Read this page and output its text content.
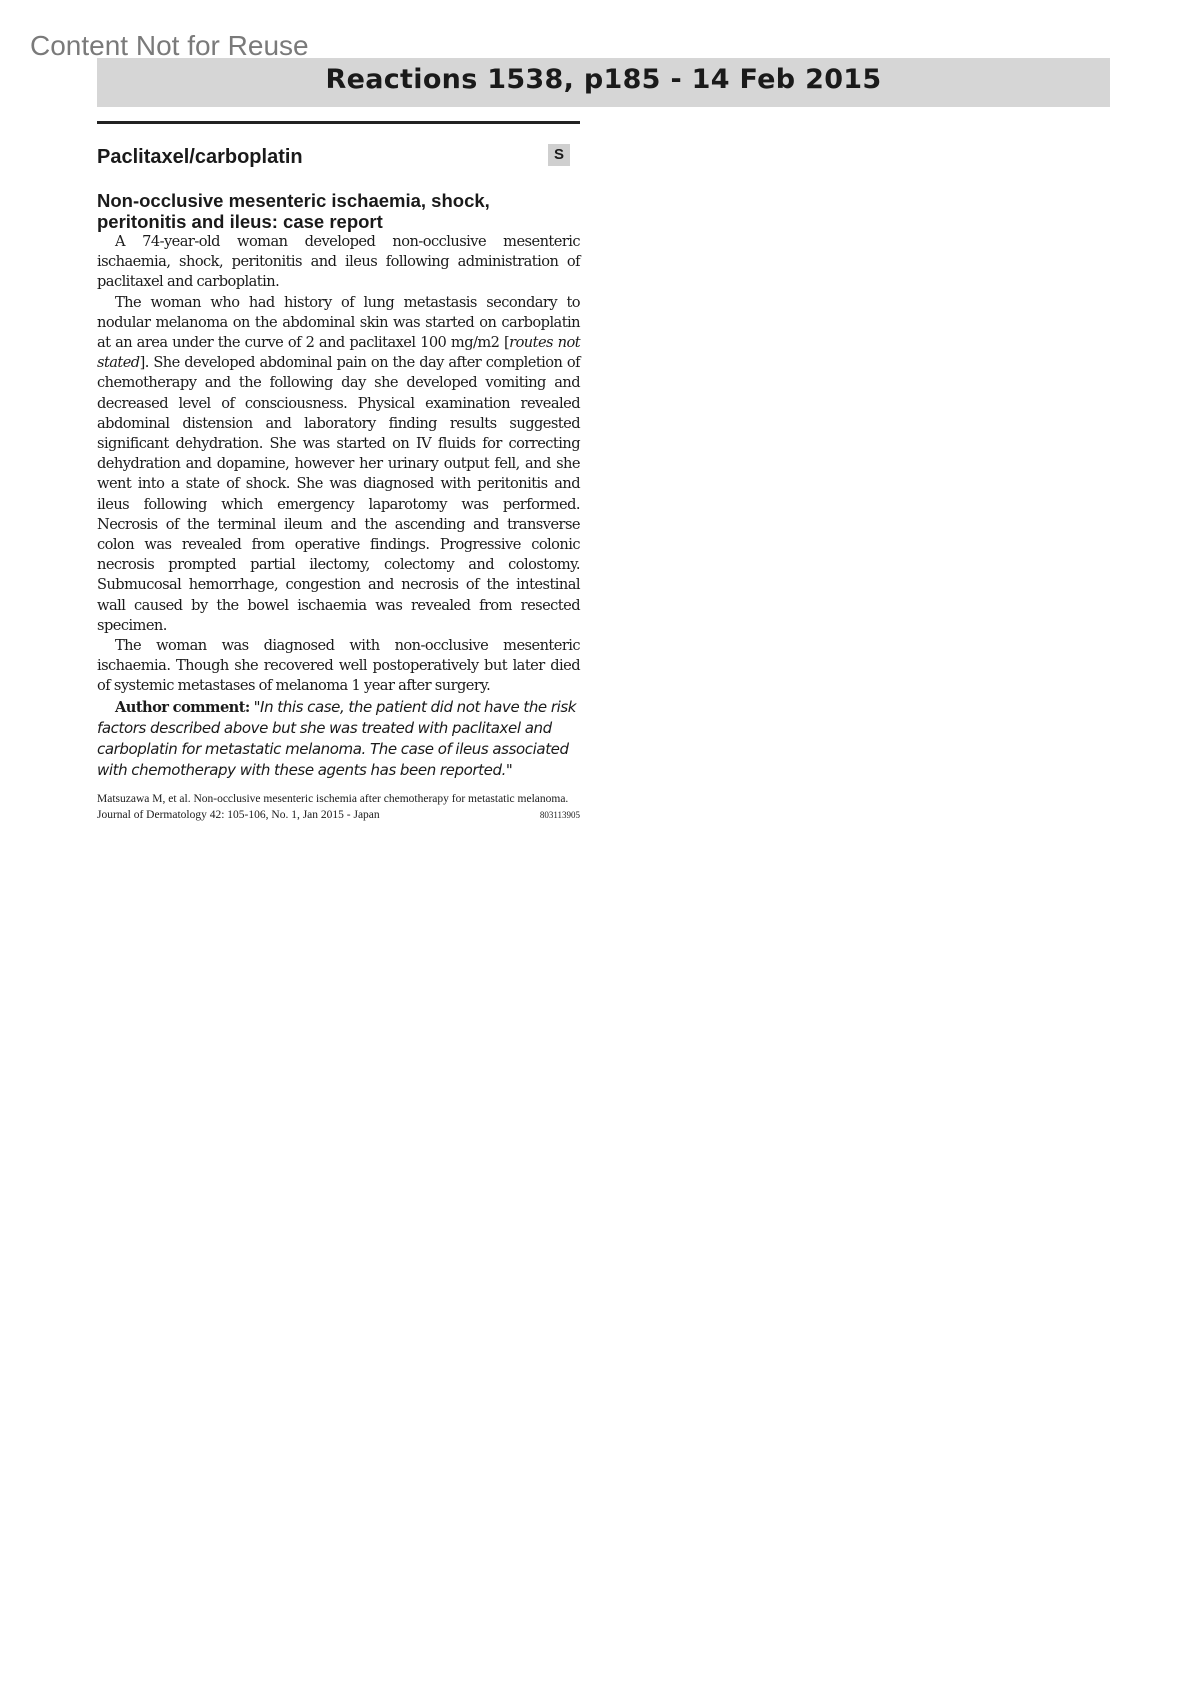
Content Not for Reuse
Reactions 1538, p185 - 14 Feb 2015
Paclitaxel/carboplatin	S
Non-occlusive mesenteric ischaemia, shock, peritonitis and ileus: case report

A 74-year-old woman developed non-occlusive mesenteric ischaemia, shock, peritonitis and ileus following administration of paclitaxel and carboplatin.

The woman who had history of lung metastasis secondary to nodular melanoma on the abdominal skin was started on carboplatin at an area under the curve of 2 and paclitaxel 100 mg/m2 [routes not stated]. She developed abdominal pain on the day after completion of chemotherapy and the following day she developed vomiting and decreased level of consciousness. Physical examination revealed abdominal distension and laboratory finding results suggested significant dehydration. She was started on IV fluids for correcting dehydration and dopamine, however her urinary output fell, and she went into a state of shock. She was diagnosed with peritonitis and ileus following which emergency laparotomy was performed. Necrosis of the terminal ileum and the ascending and transverse colon was revealed from operative findings. Progressive colonic necrosis prompted partial ilectomy, colectomy and colostomy. Submucosal hemorrhage, congestion and necrosis of the intestinal wall caused by the bowel ischaemia was revealed from resected specimen.

The woman was diagnosed with non-occlusive mesenteric ischaemia. Though she recovered well postoperatively but later died of systemic metastases of melanoma 1 year after surgery.

Author comment: "In this case, the patient did not have the risk factors described above but she was treated with paclitaxel and carboplatin for metastatic melanoma. The case of ileus associated with chemotherapy with these agents has been reported."

Matsuzawa M, et al. Non-occlusive mesenteric ischemia after chemotherapy for metastatic melanoma. Journal of Dermatology 42: 105-106, No. 1, Jan 2015 - Japan	803113905
